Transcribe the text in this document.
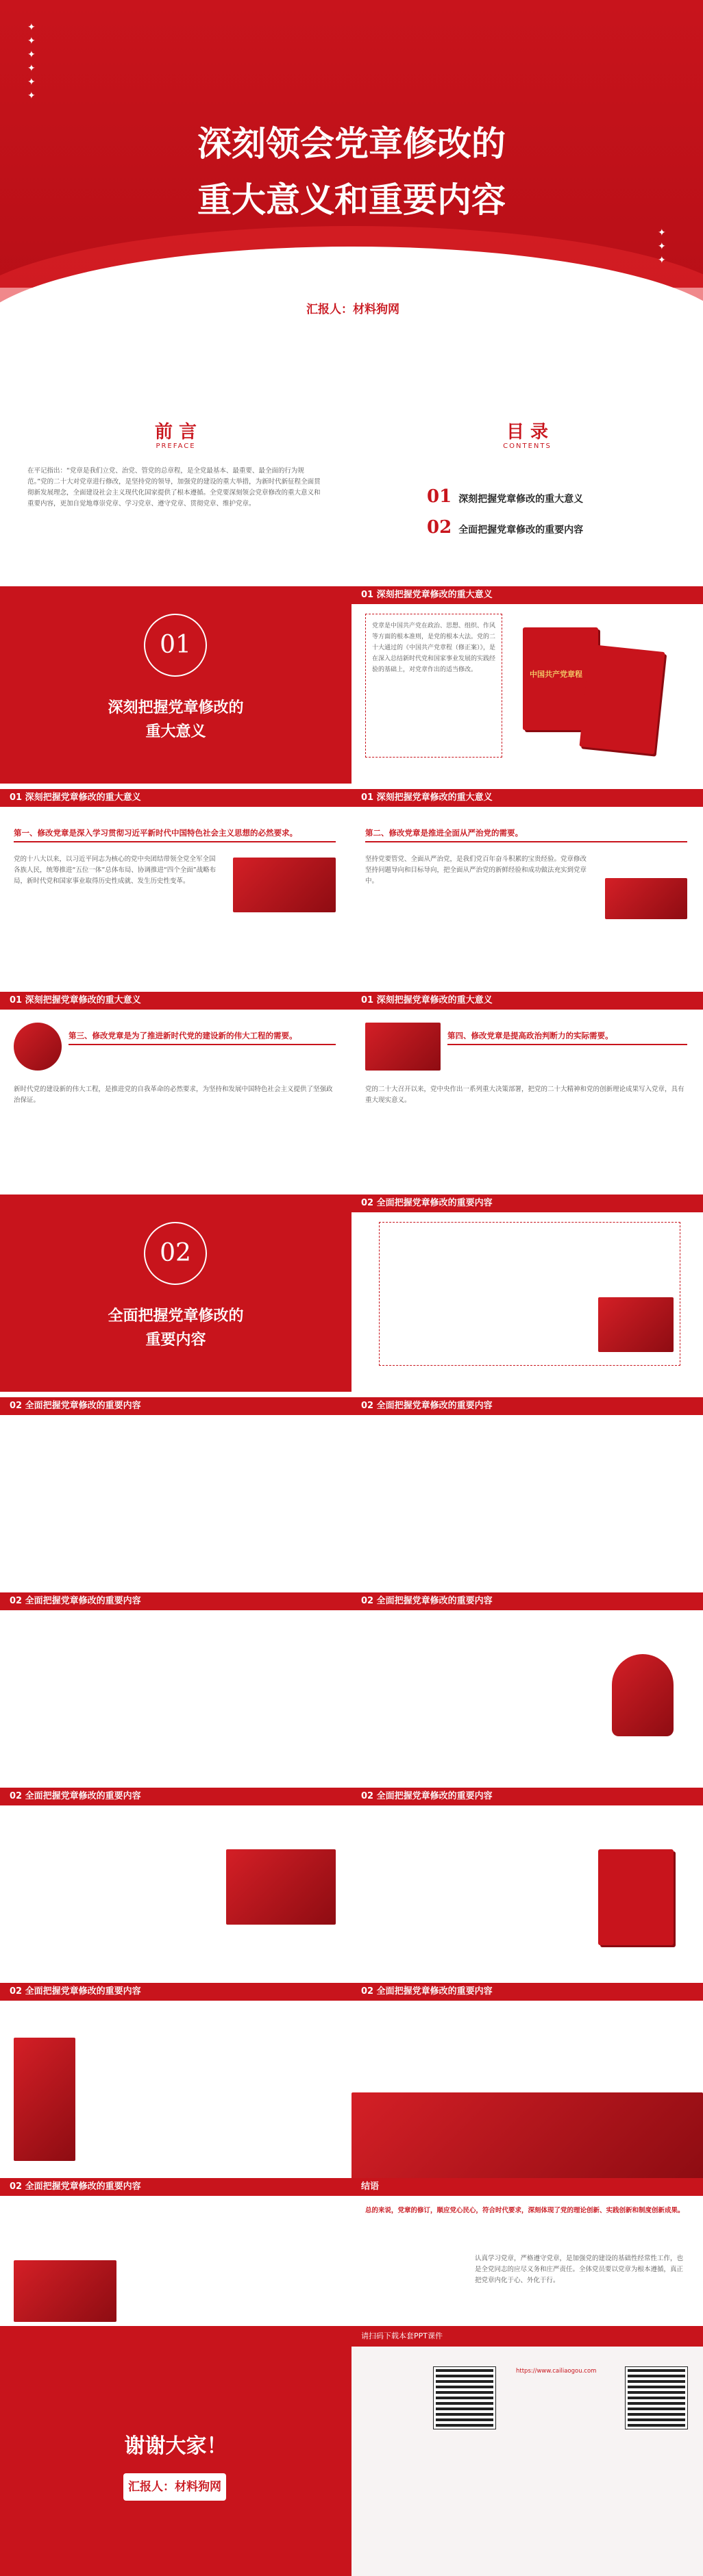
✦
✦
✦
✦
✦
✦
✦
✦
✦
深刻领会党章修改的
重大意义和重要内容
汇报人：材料狗网
前 言
PREFACE
在平记指出：“党章是我们立党、治党、管党的总章程，是全党最基本、最重要、最全面的行为规范。”党的二十大对党章进行修改，是坚持党的领导，加强党的建设的重大举措，为新时代新征程全面贯彻新发展理念，全面建设社会主义现代化国家提供了根本遵循。全党要深刻领会党章修改的重大意义和重要内容，更加自觉地尊崇党章、学习党章、遵守党章、贯彻党章、维护党章。
目 录
CONTENTS
01 深刻把握党章修改的重大意义
02 全面把握党章修改的重要内容
01
深刻把握党章修改的
重大意义
01 深刻把握党章修改的重大意义
党章是中国共产党在政治、思想、组织、作风等方面的根本准则，是党的根本大法。党的二十大通过的《中国共产党章程（修正案）》，是在深入总结新时代党和国家事业发展的实践经验的基础上，对党章作出的适当修改。	中国共产党章程
01 深刻把握党章修改的重大意义
第一、修改党章是深入学习贯彻习近平新时代中国特色社会主义思想的必然要求。
党的十八大以来，以习近平同志为核心的党中央团结带领全党全军全国各族人民，统筹推进“五位一体”总体布局、协调推进“四个全面”战略布局，新时代党和国家事业取得历史性成就、发生历史性变革。
01 深刻把握党章修改的重大意义
第二、修改党章是推进全面从严治党的需要。
坚持党要管党、全面从严治党，是我们党百年奋斗积累的宝贵经验。党章修改坚持问题导向和目标导向，把全面从严治党的新鲜经验和成功做法充实到党章中。
01 深刻把握党章修改的重大意义
第三、修改党章是为了推进新时代党的建设新的伟大工程的需要。
新时代党的建设新的伟大工程，是推进党的自我革命的必然要求，为坚持和发展中国特色社会主义提供了坚强政治保证。
01 深刻把握党章修改的重大意义
第四、修改党章是提高政治判断力的实际需要。
党的二十大召开以来，党中央作出一系列重大决策部署，把党的二十大精神和党的创新理论成果写入党章，具有重大现实意义。
02
全面把握党章修改的
重要内容
02 全面把握党章修改的重要内容
02 全面把握党章修改的重要内容	02 全面把握党章修改的重要内容
02 全面把握党章修改的重要内容	02 全面把握党章修改的重要内容
02 全面把握党章修改的重要内容	02 全面把握党章修改的重要内容
02 全面把握党章修改的重要内容	02 全面把握党章修改的重要内容
02 全面把握党章修改的重要内容	结语
总的来说，党章的修订，顺应党心民心，符合时代要求，深刻体现了党的理论创新、实践创新和制度创新成果。
认真学习党章，严格遵守党章，是加强党的建设的基础性经常性工作，也是全党同志的应尽义务和庄严责任。全体党员要以党章为根本遵循，真正把党章内化于心、外化于行。
谢谢大家！
汇报人：材料狗网
请扫码下载本套PPT课件
https://www.cailiaogou.com
